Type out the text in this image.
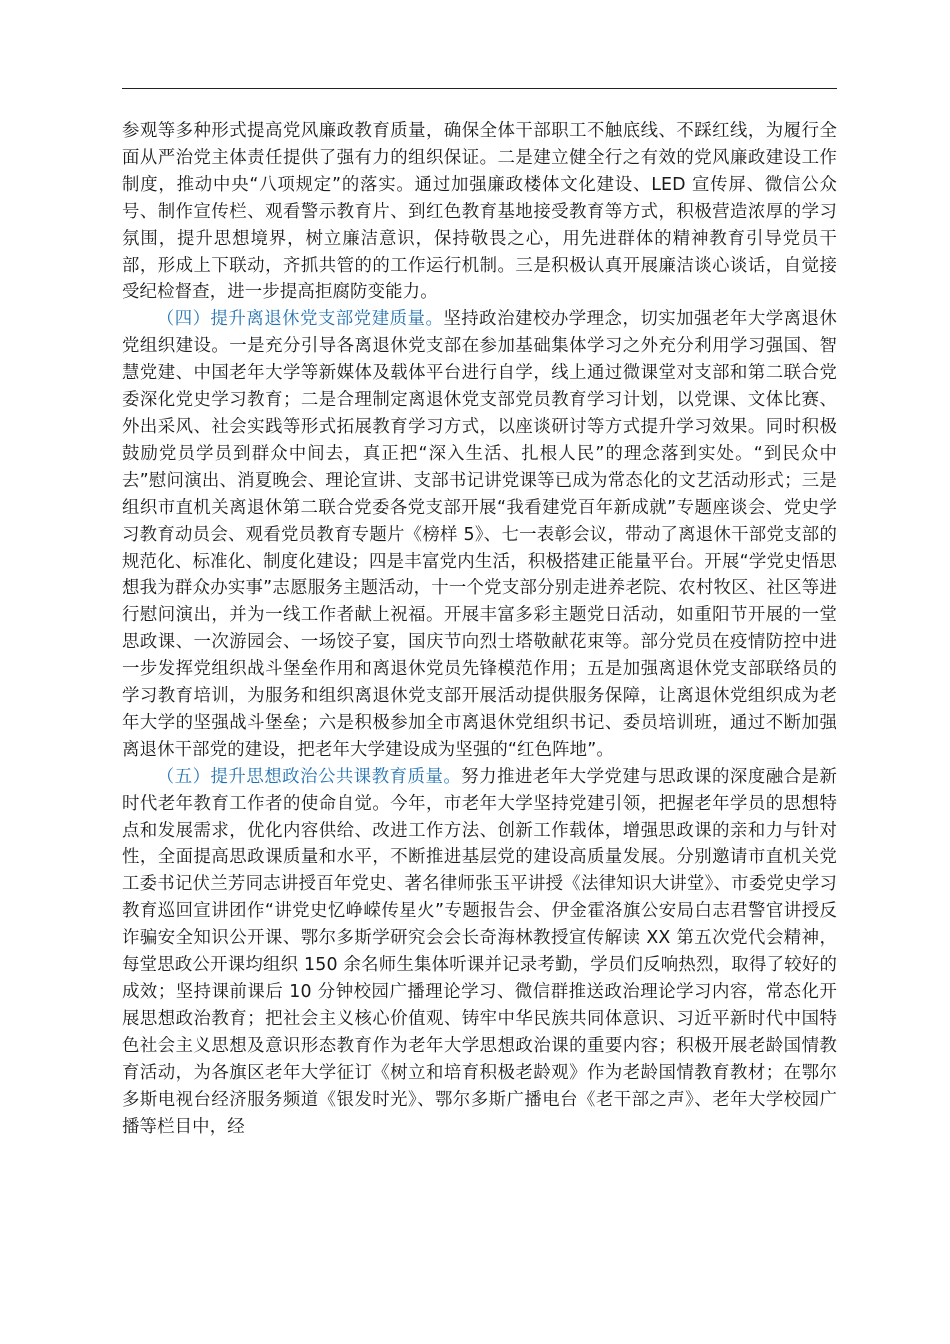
参观等多种形式提高党风廉政教育质量，确保全体干部职工不触底线、不踩红线，为履行全面从严治党主体责任提供了强有力的组织保证。二是建立健全行之有效的党风廉政建设工作制度，推动中央“八项规定”的落实。通过加强廉政楼体文化建设、LED 宣传屏、微信公众号、制作宣传栏、观看警示教育片、到红色教育基地接受教育等方式，积极营造浓厚的学习氛围，提升思想境界，树立廉洁意识，保持敬畏之心，用先进群体的精神教育引导党员干部，形成上下联动，齐抓共管的的工作运行机制。三是积极认真开展廉洁谈心谈话，自觉接受纪检督查，进一步提高拒腐防变能力。

（四）提升离退休党支部党建质量。坚持政治建校办学理念，切实加强老年大学离退休党组织建设。一是充分引导各离退休党支部在参加基础集体学习之外充分利用学习强国、智慧党建、中国老年大学等新媒体及载体平台进行自学，线上通过微课堂对支部和第二联合党委深化党史学习教育；二是合理制定离退休党支部党员教育学习计划，以党课、文体比赛、外出采风、社会实践等形式拓展教育学习方式，以座谈研讨等方式提升学习效果。同时积极鼓励党员学员到群众中间去，真正把“深入生活、扎根人民”的理念落到实处。“到民众中去”慰问演出、消夏晚会、理论宣讲、支部书记讲党课等已成为常态化的文艺活动形式；三是组织市直机关离退休第二联合党委各党支部开展“我看建党百年新成就”专题座谈会、党史学习教育动员会、观看党员教育专题片《榜样 5》、七一表彰会议，带动了离退休干部党支部的规范化、标准化、制度化建设；四是丰富党内生活，积极搭建正能量平台。开展“学党史悟思想我为群众办实事”志愿服务主题活动，十一个党支部分别走进养老院、农村牧区、社区等进行慰问演出，并为一线工作者献上祝福。开展丰富多彩主题党日活动，如重阳节开展的一堂思政课、一次游园会、一场饺子宴，国庆节向烈士塔敬献花束等。部分党员在疫情防控中进一步发挥党组织战斗堡垒作用和离退休党员先锋模范作用；五是加强离退休党支部联络员的学习教育培训，为服务和组织离退休党支部开展活动提供服务保障，让离退休党组织成为老年大学的坚强战斗堡垒；六是积极参加全市离退休党组织书记、委员培训班，通过不断加强离退休干部党的建设，把老年大学建设成为坚强的“红色阵地”。

（五）提升思想政治公共课教育质量。努力推进老年大学党建与思政课的深度融合是新时代老年教育工作者的使命自觉。今年，市老年大学坚持党建引领，把握老年学员的思想特点和发展需求，优化内容供给、改进工作方法、创新工作载体，增强思政课的亲和力与针对性，全面提高思政课质量和水平，不断推进基层党的建设高质量发展。分别邀请市直机关党工委书记伏兰芳同志讲授百年党史、著名律师张玉平讲授《法律知识大讲堂》、市委党史学习教育巡回宣讲团作“讲党史忆峥嵘传星火”专题报告会、伊金霍洛旗公安局白志君警官讲授反诈骗安全知识公开课、鄂尔多斯学研究会会长奇海林教授宣传解读 XX 第五次党代会精神，每堂思政公开课均组织 150 余名师生集体听课并记录考勤，学员们反响热烈，取得了较好的成效；坚持课前课后 10 分钟校园广播理论学习、微信群推送政治理论学习内容，常态化开展思想政治教育；把社会主义核心价值观、铸牢中华民族共同体意识、习近平新时代中国特色社会主义思想及意识形态教育作为老年大学思想政治课的重要内容；积极开展老龄国情教育活动，为各旗区老年大学征订《树立和培育积极老龄观》作为老龄国情教育教材；在鄂尔多斯电视台经济服务频道《银发时光》、鄂尔多斯广播电台《老干部之声》、老年大学校园广播等栏目中，经
